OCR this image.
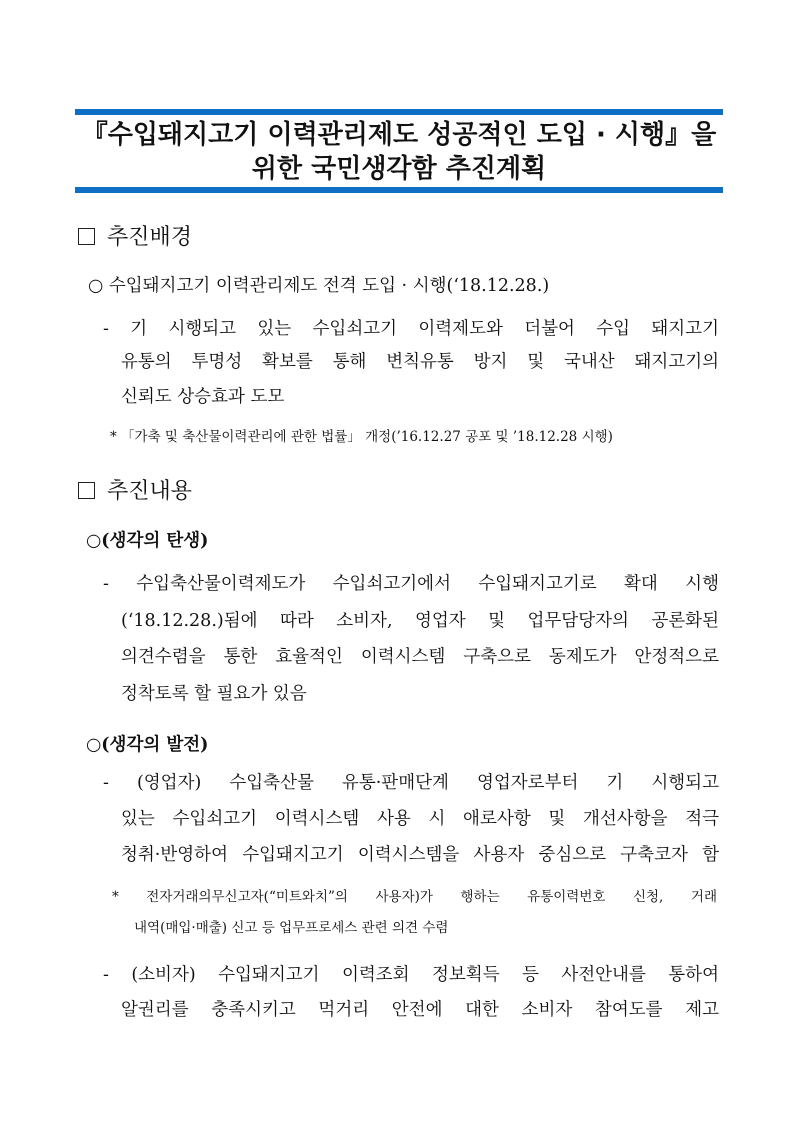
『수입돼지고기 이력관리제도 성공적인 도입 · 시행』을
위한 국민생각함 추진계획
추진배경
○ 수입돼지고기 이력관리제도 전격 도입 · 시행(‘18.12.28.)
- 기 시행되고 있는 수입쇠고기 이력제도와 더불어 수입 돼지고기
유통의 투명성 확보를 통해 변칙유통 방지 및 국내산 돼지고기의
신뢰도 상승효과 도모
* 「가축 및 축산물이력관리에 관한 법률」 개정(’16.12.27 공포 및 ’18.12.28 시행)
추진내용
○(생각의 탄생)
- 수입축산물이력제도가 수입쇠고기에서 수입돼지고기로 확대 시행
(‘18.12.28.)됨에 따라 소비자, 영업자 및 업무담당자의 공론화된
의견수렴을 통한 효율적인 이력시스템 구축으로 동제도가 안정적으로
정착토록 할 필요가 있음
○(생각의 발전)
- (영업자) 수입축산물 유통·판매단계 영업자로부터 기 시행되고
있는 수입쇠고기 이력시스템 사용 시 애로사항 및 개선사항을 적극
청취·반영하여 수입돼지고기 이력시스템을 사용자 중심으로 구축코자 함
* 전자거래의무신고자(“미트와치”의 사용자)가 행하는 유통이력번호 신청, 거래
내역(매입·매출) 신고 등 업무프로세스 관련 의견 수렴
- (소비자) 수입돼지고기 이력조회 정보획득 등 사전안내를 통하여
알권리를 충족시키고 먹거리 안전에 대한 소비자 참여도를 제고
